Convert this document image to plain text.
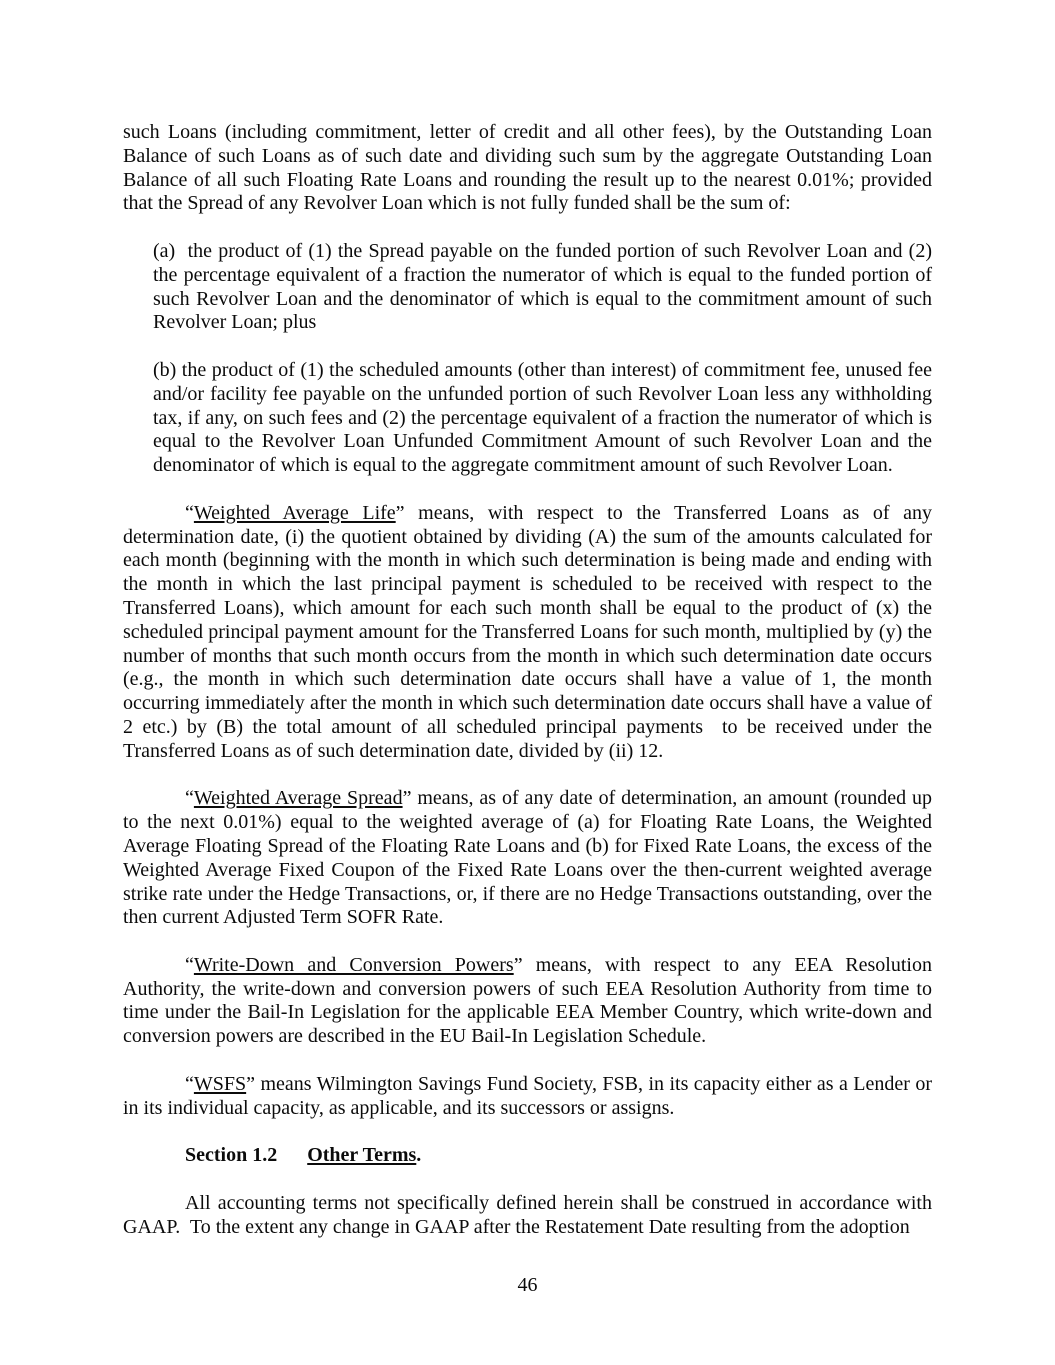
such Loans (including commitment, letter of credit and all other fees), by the Outstanding Loan Balance of such Loans as of such date and dividing such sum by the aggregate Outstanding Loan Balance of all such Floating Rate Loans and rounding the result up to the nearest 0.01%; provided that the Spread of any Revolver Loan which is not fully funded shall be the sum of:

(a)  the product of (1) the Spread payable on the funded portion of such Revolver Loan and (2) the percentage equivalent of a fraction the numerator of which is equal to the funded portion of such Revolver Loan and the denominator of which is equal to the commitment amount of such Revolver Loan; plus

(b) the product of (1) the scheduled amounts (other than interest) of commitment fee, unused fee and/or facility fee payable on the unfunded portion of such Revolver Loan less any withholding tax, if any, on such fees and (2) the percentage equivalent of a fraction the numerator of which is equal to the Revolver Loan Unfunded Commitment Amount of such Revolver Loan and the denominator of which is equal to the aggregate commitment amount of such Revolver Loan.

“Weighted Average Life” means, with respect to the Transferred Loans as of any determination date, (i) the quotient obtained by dividing (A) the sum of the amounts calculated for each month (beginning with the month in which such determination is being made and ending with the month in which the last principal payment is scheduled to be received with respect to the Transferred Loans), which amount for each such month shall be equal to the product of (x) the scheduled principal payment amount for the Transferred Loans for such month, multiplied by (y) the number of months that such month occurs from the month in which such determination date occurs (e.g., the month in which such determination date occurs shall have a value of 1, the month occurring immediately after the month in which such determination date occurs shall have a value of 2 etc.) by (B) the total amount of all scheduled principal payments  to be received under the Transferred Loans as of such determination date, divided by (ii) 12.

“Weighted Average Spread” means, as of any date of determination, an amount (rounded up to the next 0.01%) equal to the weighted average of (a) for Floating Rate Loans, the Weighted Average Floating Spread of the Floating Rate Loans and (b) for Fixed Rate Loans, the excess of the Weighted Average Fixed Coupon of the Fixed Rate Loans over the then-current weighted average strike rate under the Hedge Transactions, or, if there are no Hedge Transactions outstanding, over the then current Adjusted Term SOFR Rate.

“Write-Down and Conversion Powers” means, with respect to any EEA Resolution Authority, the write-down and conversion powers of such EEA Resolution Authority from time to time under the Bail-In Legislation for the applicable EEA Member Country, which write-down and conversion powers are described in the EU Bail-In Legislation Schedule.

“WSFS” means Wilmington Savings Fund Society, FSB, in its capacity either as a Lender or in its individual capacity, as applicable, and its successors or assigns.

Section 1.2 Other Terms.

All accounting terms not specifically defined herein shall be construed in accordance with GAAP.  To the extent any change in GAAP after the Restatement Date resulting from the adoption

46
